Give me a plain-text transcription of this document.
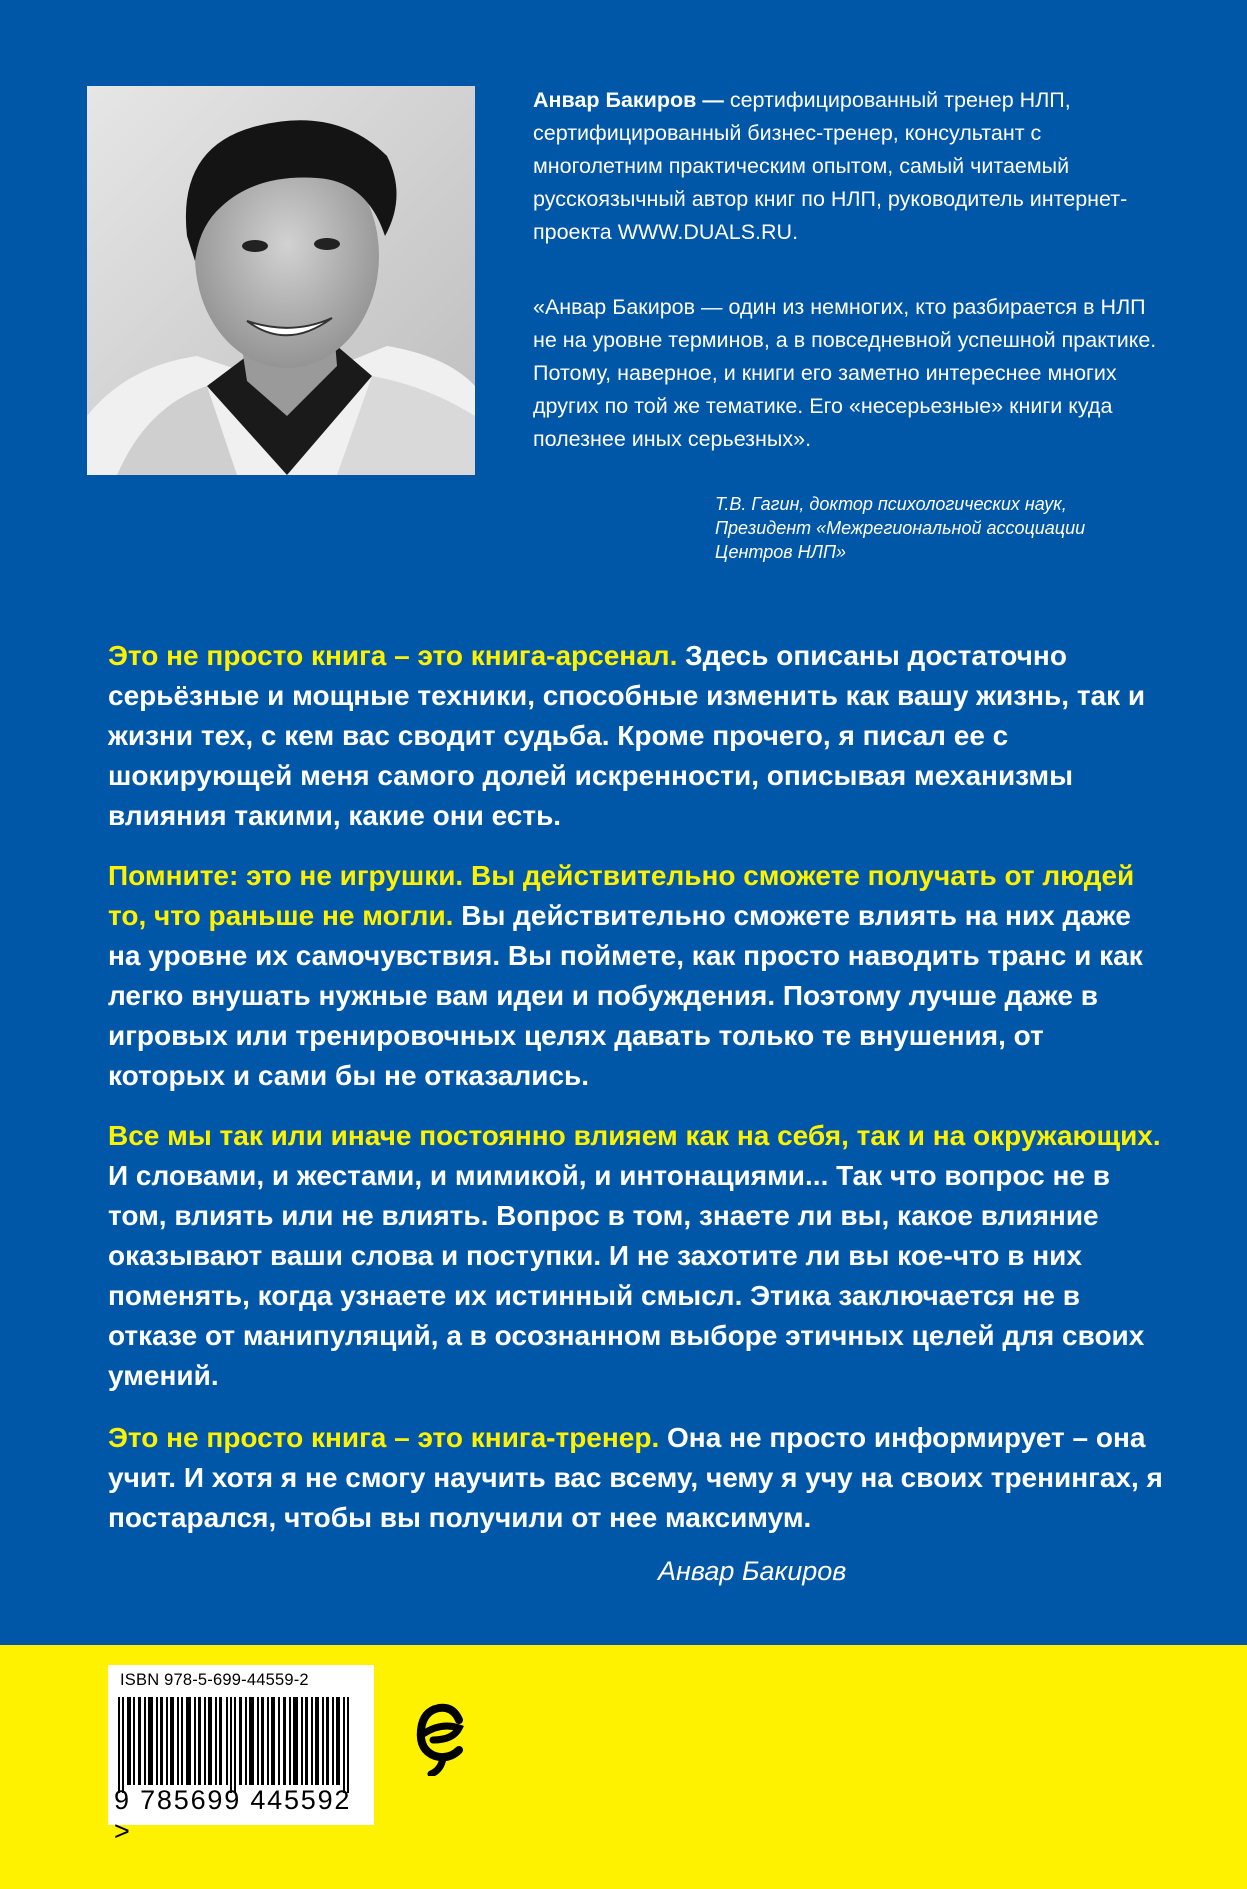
Анвар Бакиров — сертифицированный тренер НЛП, сертифицированный бизнес-тренер, консультант с многолетним практическим опытом, самый читаемый русскоязычный автор книг по НЛП, руководитель интернет-проекта WWW.DUALS.RU.

«Анвар Бакиров — один из немногих, кто разбирается в НЛП не на уровне терминов, а в повседневной успешной практике. Потому, наверное, и книги его заметно интереснее многих других по той же тематике. Его «несерьезные» книги куда полезнее иных серьезных».

Т.В. Гагин, доктор психологических наук,
Президент «Межрегиональной ассоциации
Центров НЛП»

Это не просто книга – это книга-арсенал. Здесь описаны достаточно серьёзные и мощные техники, способные изменить как вашу жизнь, так и жизни тех, с кем вас сводит судьба. Кроме прочего, я писал ее с шокирующей меня самого долей искренности, описывая механизмы влияния такими, какие они есть.

Помните: это не игрушки. Вы действительно сможете получать от людей то, что раньше не могли. Вы действительно сможете влиять на них даже на уровне их самочувствия. Вы поймете, как просто наводить транс и как легко внушать нужные вам идеи и побуждения. Поэтому лучше даже в игровых или тренировочных целях давать только те внушения, от которых и сами бы не отказались.

Все мы так или иначе постоянно влияем как на себя, так и на окружающих. И словами, и жестами, и мимикой, и интонациями... Так что вопрос не в том, влиять или не влиять. Вопрос в том, знаете ли вы, какое влияние оказывают ваши слова и поступки. И не захотите ли вы кое-что в них поменять, когда узнаете их истинный смысл. Этика заключается не в отказе от манипуляций, а в осознанном выборе этичных целей для своих умений.

Это не просто книга – это книга-тренер. Она не просто информирует – она учит. И хотя я не смогу научить вас всему, чему я учу на своих тренингах, я постарался, чтобы вы получили от нее максимум.

Анвар Бакиров

ISBN 978-5-699-44559-2
9 785699 445592 >
